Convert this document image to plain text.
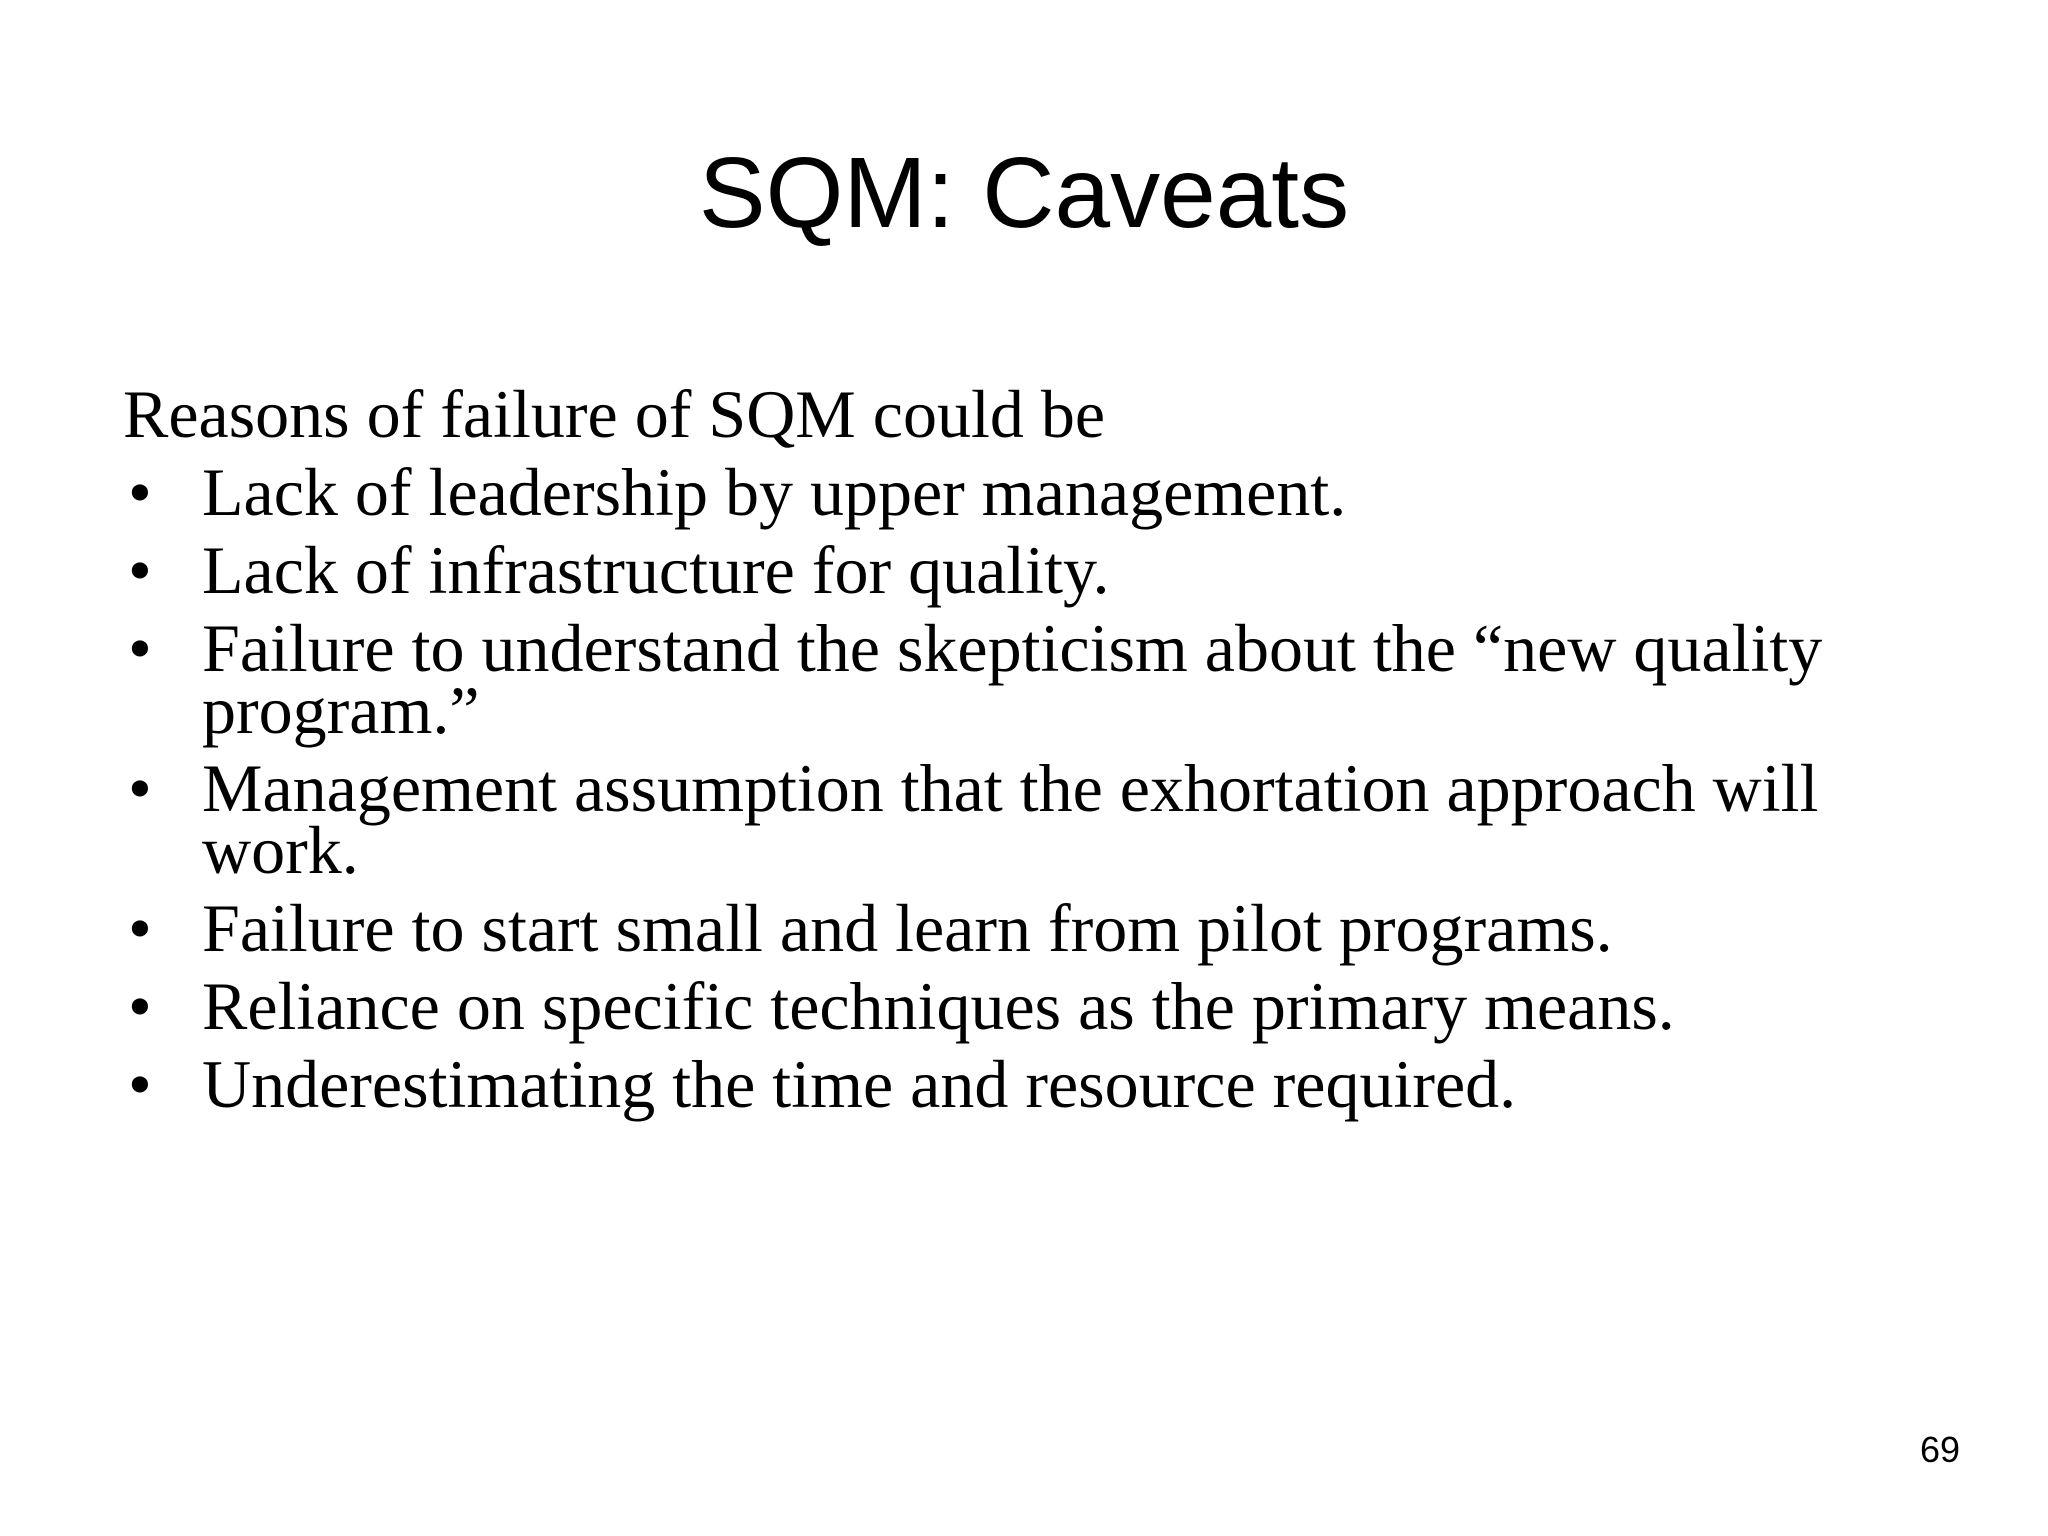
SQM: Caveats

Reasons of failure of SQM could be

• Lack of leadership by upper management.
• Lack of infrastructure for quality.
• Failure to understand the skepticism about the “new quality program.”
• Management assumption that the exhortation approach will work.
• Failure to start small and learn from pilot programs.
• Reliance on specific techniques as the primary means.
• Underestimating the time and resource required.
69
